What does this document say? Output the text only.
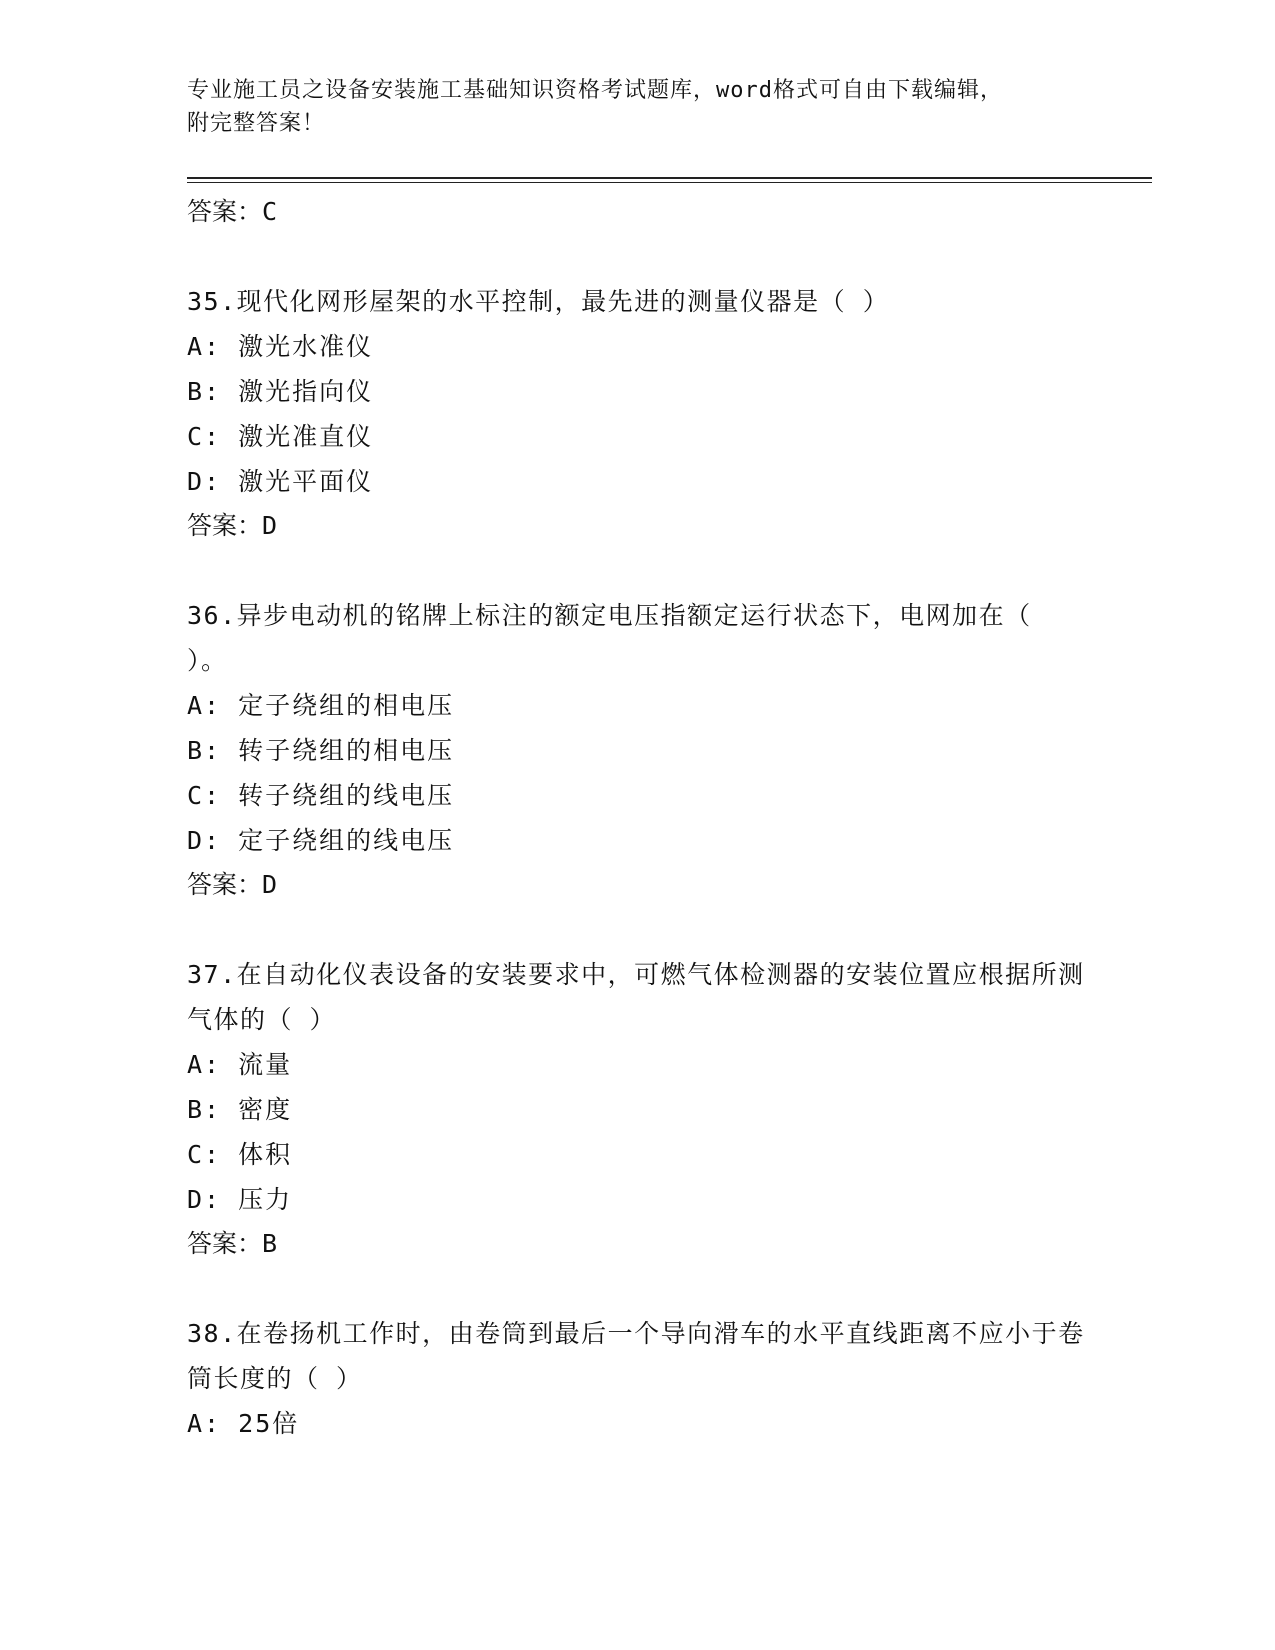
专业施工员之设备安装施工基础知识资格考试题库，word格式可自由下载编辑，
附完整答案！
答案：C
35.现代化网形屋架的水平控制，最先进的测量仪器是（ ）
A: 激光水准仪
B: 激光指向仪
C: 激光准直仪
D: 激光平面仪
答案：D
36.异步电动机的铭牌上标注的额定电压指额定运行状态下，电网加在（ ）。
A: 定子绕组的相电压
B: 转子绕组的相电压
C: 转子绕组的线电压
D: 定子绕组的线电压
答案：D
37.在自动化仪表设备的安装要求中，可燃气体检测器的安装位置应根据所测气体的（ ）
A: 流量
B: 密度
C: 体积
D: 压力
答案：B
38.在卷扬机工作时，由卷筒到最后一个导向滑车的水平直线距离不应小于卷筒长度的（ ）
A: 25倍
